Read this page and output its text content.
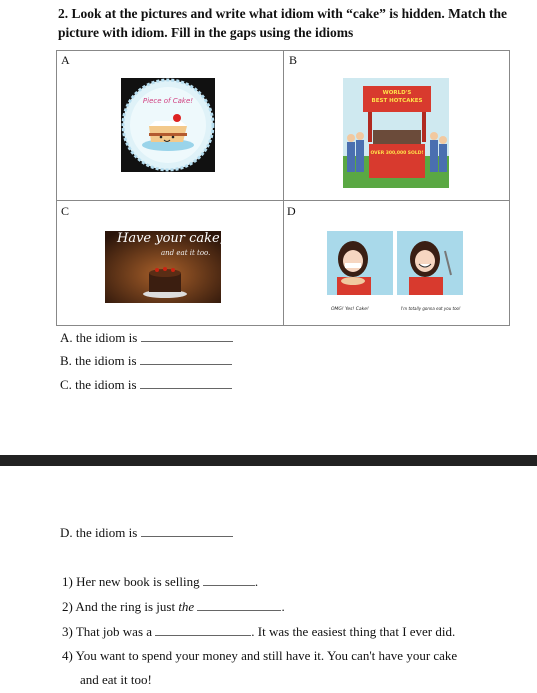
2. Look at the pictures and write what idiom with “cake” is hidden. Match the picture with idiom. Fill in the gaps using the idioms
A
Piece of Cake!
B
WORLD'S
BEST HOTCAKES
OVER 300,000 SOLD!
C
Have your cake,
and eat it too.
D
OMG! Yes! Cake!	I'm totally gonna eat you too!
A. the idiom is
B. the idiom is
C. the idiom is
D. the idiom is
1) Her new book is selling	.
2) And the ring is just the	.
3) That job was a	. It was the easiest thing that I ever did.
4) You want to spend your money and still have it. You can't have your cake
and eat it too!
